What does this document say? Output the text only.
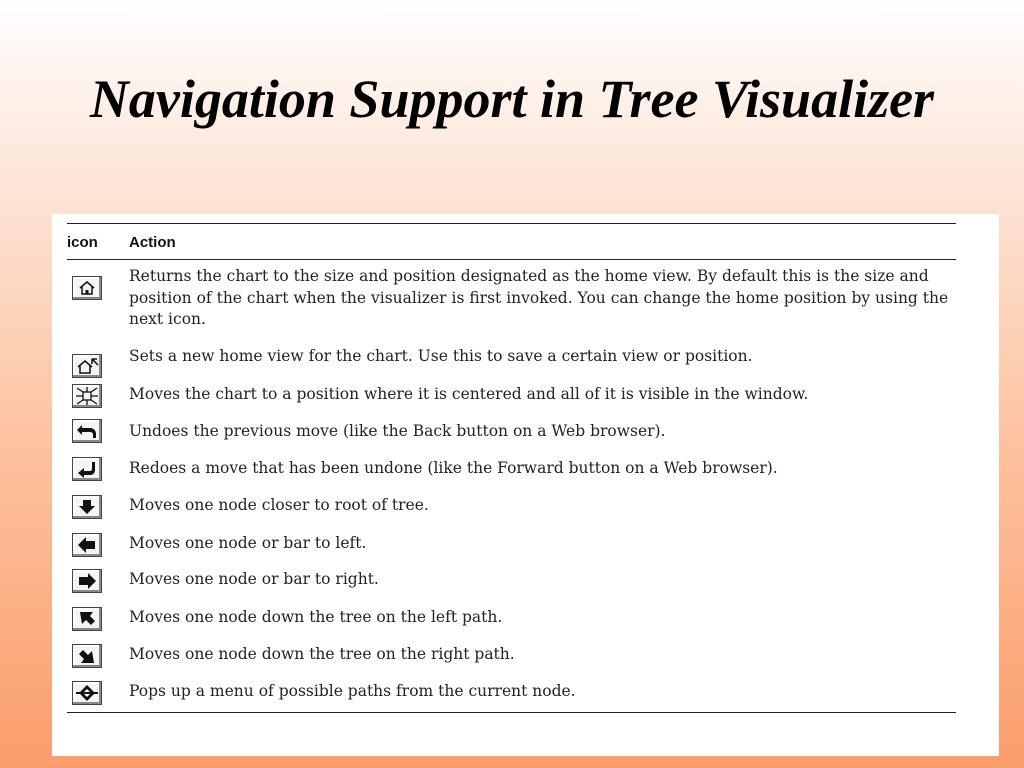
Navigation Support in Tree Visualizer
icon Action

Returns the chart to the size and position designated as the home view. By default this is the size and position of the chart when the visualizer is first invoked. You can change the home position by using the next icon.

Sets a new home view for the chart. Use this to save a certain view or position.

Moves the chart to a position where it is centered and all of it is visible in the window.

Undoes the previous move (like the Back button on a Web browser).

Redoes a move that has been undone (like the Forward button on a Web browser).

Moves one node closer to root of tree.

Moves one node or bar to left.

Moves one node or bar to right.

Moves one node down the tree on the left path.

Moves one node down the tree on the right path.

Pops up a menu of possible paths from the current node.
